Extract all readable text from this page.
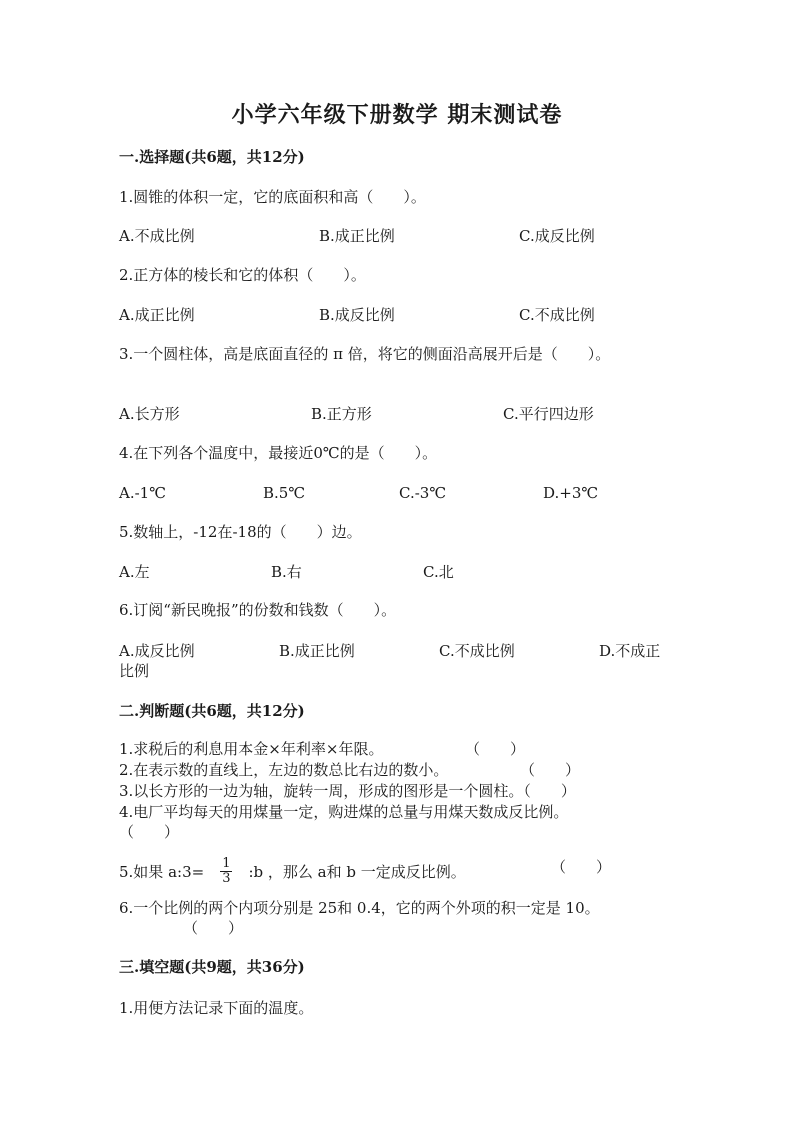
小学六年级下册数学 期末测试卷
一.选择题(共6题，共12分)
1.圆锥的体积一定，它的底面积和高（　　）。
A.不成比例	B.成正比例	C.成反比例
2.正方体的棱长和它的体积（　　）。
A.成正比例	B.成反比例	C.不成比例
3.一个圆柱体，高是底面直径的 π 倍，将它的侧面沿高展开后是（　　）。
A.长方形	B.正方形	C.平行四边形
4.在下列各个温度中，最接近0℃的是（　　）。
A.-1℃	B.5℃	C.-3℃	D.+3℃
5.数轴上，-12在-18的（　　）边。
A.左	B.右	C.北
6.订阅“新民晚报”的份数和钱数（　　）。
A.成反比例	B.成正比例	C.不成比例	D.不成正
比例
二.判断题(共6题，共12分)
1.求税后的利息用本金×年利率×年限。	（　　）
2.在表示数的直线上，左边的数总比右边的数小。	（　　）
3.以长方形的一边为轴，旋转一周，形成的图形是一个圆柱。（　　）
4.电厂平均每天的用煤量一定，购进煤的总量与用煤天数成反比例。
（　　）
5.如果 a:3= $\frac{1}{3}$ :b ，那么 a和 b 一定成反比例。	（　　）
6.一个比例的两个内项分别是 25和 0.4，它的两个外项的积一定是 10。
（　　）
三.填空题(共9题，共36分)
1.用便方法记录下面的温度。
